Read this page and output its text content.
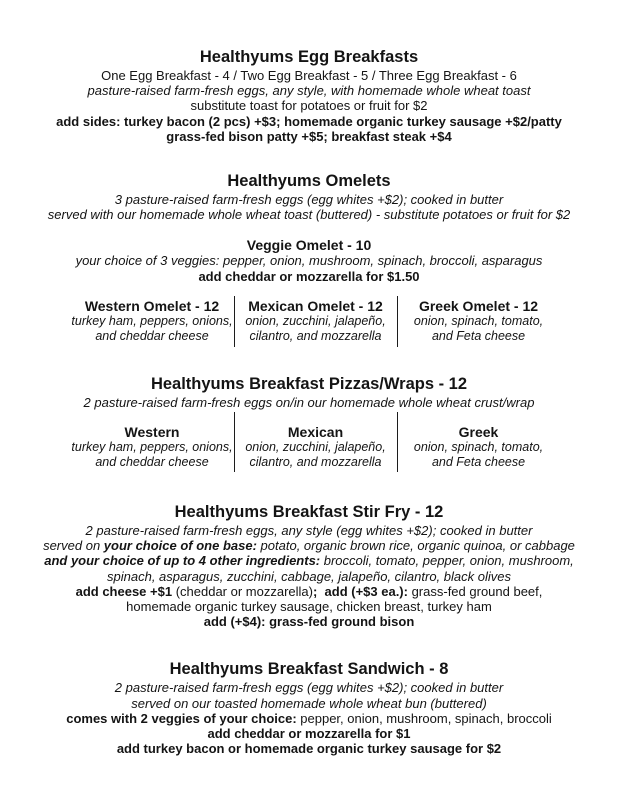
Healthyums Egg Breakfasts
One Egg Breakfast - 4 / Two Egg Breakfast - 5 / Three Egg Breakfast - 6
pasture-raised farm-fresh eggs, any style, with homemade whole wheat toast
substitute toast for potatoes or fruit for $2
add sides: turkey bacon (2 pcs) +$3; homemade organic turkey sausage +$2/patty
grass-fed bison patty +$5; breakfast steak +$4
Healthyums Omelets
3 pasture-raised farm-fresh eggs (egg whites +$2); cooked in butter
served with our homemade whole wheat toast (buttered) - substitute potatoes or fruit for $2
Veggie Omelet - 10
your choice of 3 veggies: pepper, onion, mushroom, spinach, broccoli, asparagus
add cheddar or mozzarella for $1.50
Western Omelet - 12
turkey ham, peppers, onions,
and cheddar cheese
Mexican Omelet - 12
onion, zucchini, jalapeño,
cilantro, and mozzarella
Greek Omelet - 12
onion, spinach, tomato,
and Feta cheese
Healthyums Breakfast Pizzas/Wraps - 12
2 pasture-raised farm-fresh eggs on/in our homemade whole wheat crust/wrap
Western
turkey ham, peppers, onions,
and cheddar cheese
Mexican
onion, zucchini, jalapeño,
cilantro, and mozzarella
Greek
onion, spinach, tomato,
and Feta cheese
Healthyums Breakfast Stir Fry - 12
2 pasture-raised farm-fresh eggs, any style (egg whites +$2); cooked in butter
served on your choice of one base: potato, organic brown rice, organic quinoa, or cabbage
and your choice of up to 4 other ingredients: broccoli, tomato, pepper, onion, mushroom,
spinach, asparagus, zucchini, cabbage, jalapeño, cilantro, black olives
add cheese +$1 (cheddar or mozzarella);  add (+$3 ea.): grass-fed ground beef,
homemade organic turkey sausage, chicken breast, turkey ham
add (+$4): grass-fed ground bison
Healthyums Breakfast Sandwich - 8
2 pasture-raised farm-fresh eggs (egg whites +$2); cooked in butter
served on our toasted homemade whole wheat bun (buttered)
comes with 2 veggies of your choice: pepper, onion, mushroom, spinach, broccoli
add cheddar or mozzarella for $1
add turkey bacon or homemade organic turkey sausage for $2
